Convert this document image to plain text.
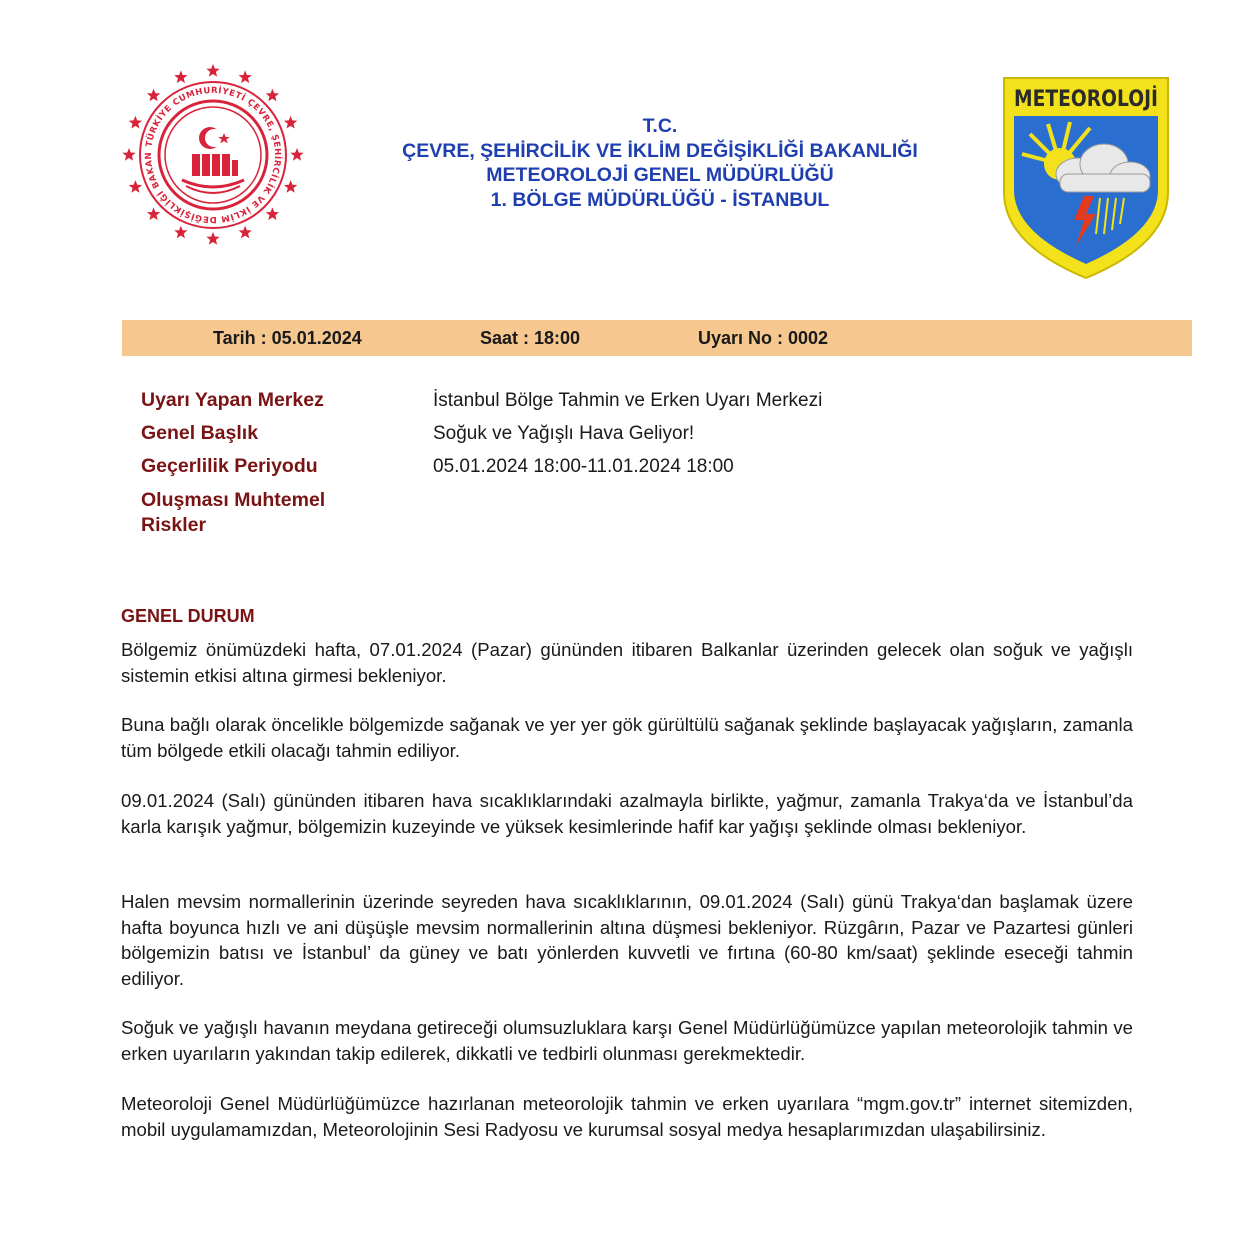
TÜRKİYE CUMHURİYETİ ÇEVRE, ŞEHİRCİLİK VE İKLİM DEĞİŞİKLİĞİ BAKAN
T.C.
ÇEVRE, ŞEHİRCİLİK VE İKLİM DEĞİŞİKLİĞİ BAKANLIĞI
METEOROLOJİ GENEL MÜDÜRLÜĞÜ
1. BÖLGE MÜDÜRLÜĞÜ - İSTANBUL
METEOROLOJİ
Tarih : 05.01.2024	Saat : 18:00	Uyarı No : 0002
Uyarı Yapan Merkez	İstanbul Bölge Tahmin ve Erken Uyarı Merkezi
Genel Başlık	Soğuk ve Yağışlı Hava Geliyor!
Geçerlilik Periyodu	05.01.2024 18:00-11.01.2024 18:00
Oluşması Muhtemel
Riskler
GENEL DURUM
Bölgemiz önümüzdeki hafta, 07.01.2024 (Pazar) gününden itibaren Balkanlar üzerinden gelecek olan soğuk ve yağışlı sistemin etkisi altına girmesi bekleniyor.
Buna bağlı olarak öncelikle bölgemizde sağanak ve yer yer gök gürültülü sağanak şeklinde başlayacak yağışların, zamanla tüm bölgede etkili olacağı tahmin ediliyor.
09.01.2024 (Salı) gününden itibaren hava sıcaklıklarındaki azalmayla birlikte, yağmur, zamanla Trakya‘da ve İstanbul’da karla karışık yağmur, bölgemizin kuzeyinde ve yüksek kesimlerinde hafif kar yağışı şeklinde olması bekleniyor.
Halen mevsim normallerinin üzerinde seyreden hava sıcaklıklarının, 09.01.2024 (Salı) günü Trakya‘dan başlamak üzere hafta boyunca hızlı ve ani düşüşle mevsim normallerinin altına düşmesi bekleniyor. Rüzgârın, Pazar ve Pazartesi günleri bölgemizin batısı ve İstanbul’ da güney ve batı yönlerden kuvvetli ve fırtına (60-80 km/saat) şeklinde eseceği tahmin ediliyor.
Soğuk ve yağışlı havanın meydana getireceği olumsuzluklara karşı Genel Müdürlüğümüzce yapılan meteorolojik tahmin ve erken uyarıların yakından takip edilerek, dikkatli ve tedbirli olunması gerekmektedir.
Meteoroloji Genel Müdürlüğümüzce hazırlanan meteorolojik tahmin ve erken uyarılara “mgm.gov.tr” internet sitemizden, mobil uygulamamızdan, Meteorolojinin Sesi Radyosu ve kurumsal sosyal medya hesaplarımızdan ulaşabilirsiniz.
